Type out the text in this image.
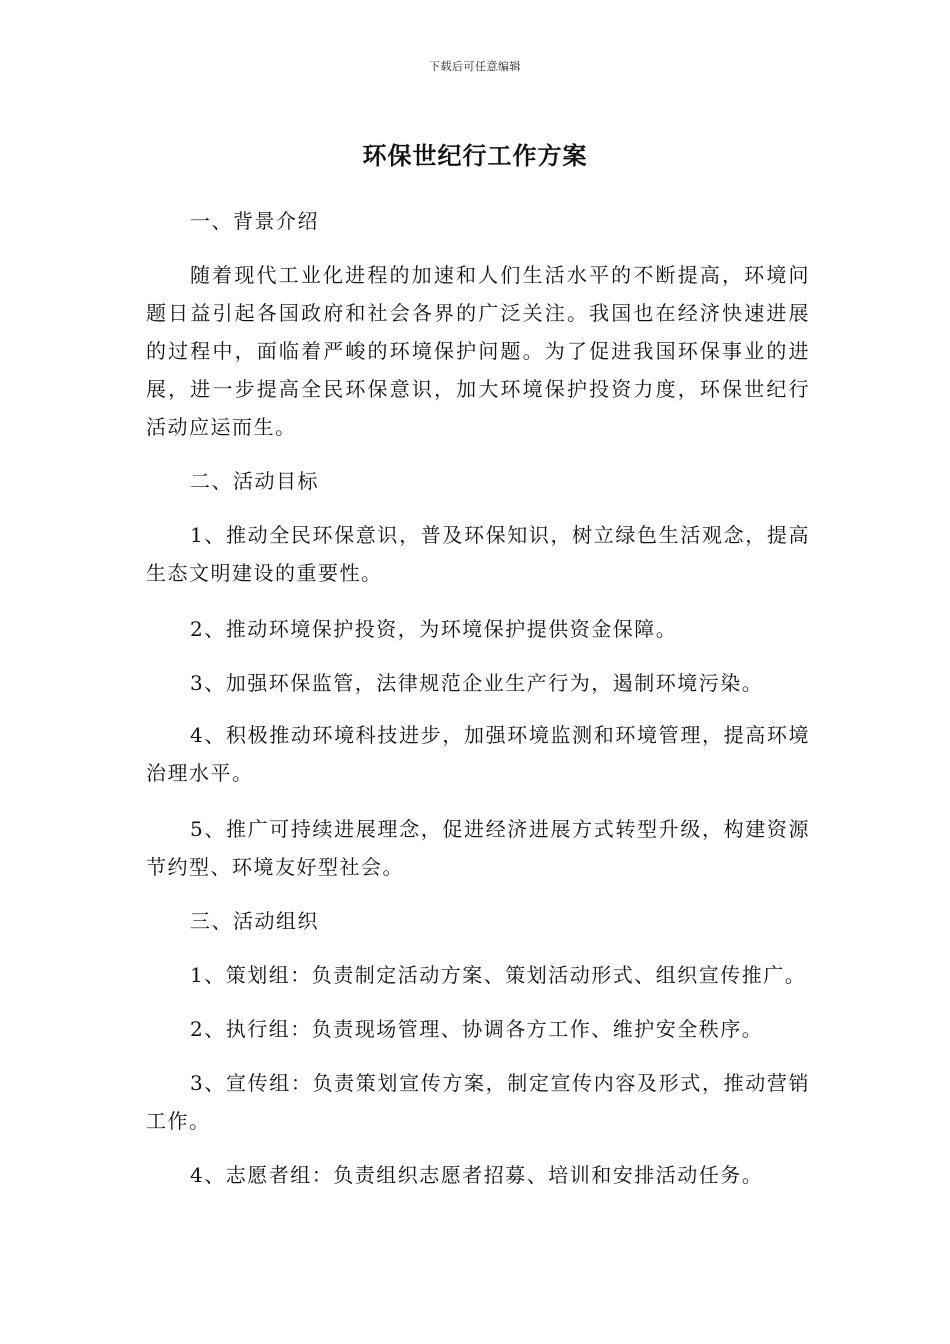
下载后可任意编辑
环保世纪行工作方案

一、背景介绍

随着现代工业化进程的加速和人们生活水平的不断提高，环境问题日益引起各国政府和社会各界的广泛关注。我国也在经济快速进展的过程中，面临着严峻的环境保护问题。为了促进我国环保事业的进展，进一步提高全民环保意识，加大环境保护投资力度，环保世纪行活动应运而生。

二、活动目标

1、推动全民环保意识，普及环保知识，树立绿色生活观念，提高生态文明建设的重要性。

2、推动环境保护投资，为环境保护提供资金保障。

3、加强环保监管，法律规范企业生产行为，遏制环境污染。

4、积极推动环境科技进步，加强环境监测和环境管理，提高环境治理水平。

5、推广可持续进展理念，促进经济进展方式转型升级，构建资源节约型、环境友好型社会。

三、活动组织

1、策划组：负责制定活动方案、策划活动形式、组织宣传推广。

2、执行组：负责现场管理、协调各方工作、维护安全秩序。

3、宣传组：负责策划宣传方案，制定宣传内容及形式，推动营销工作。

4、志愿者组：负责组织志愿者招募、培训和安排活动任务。
